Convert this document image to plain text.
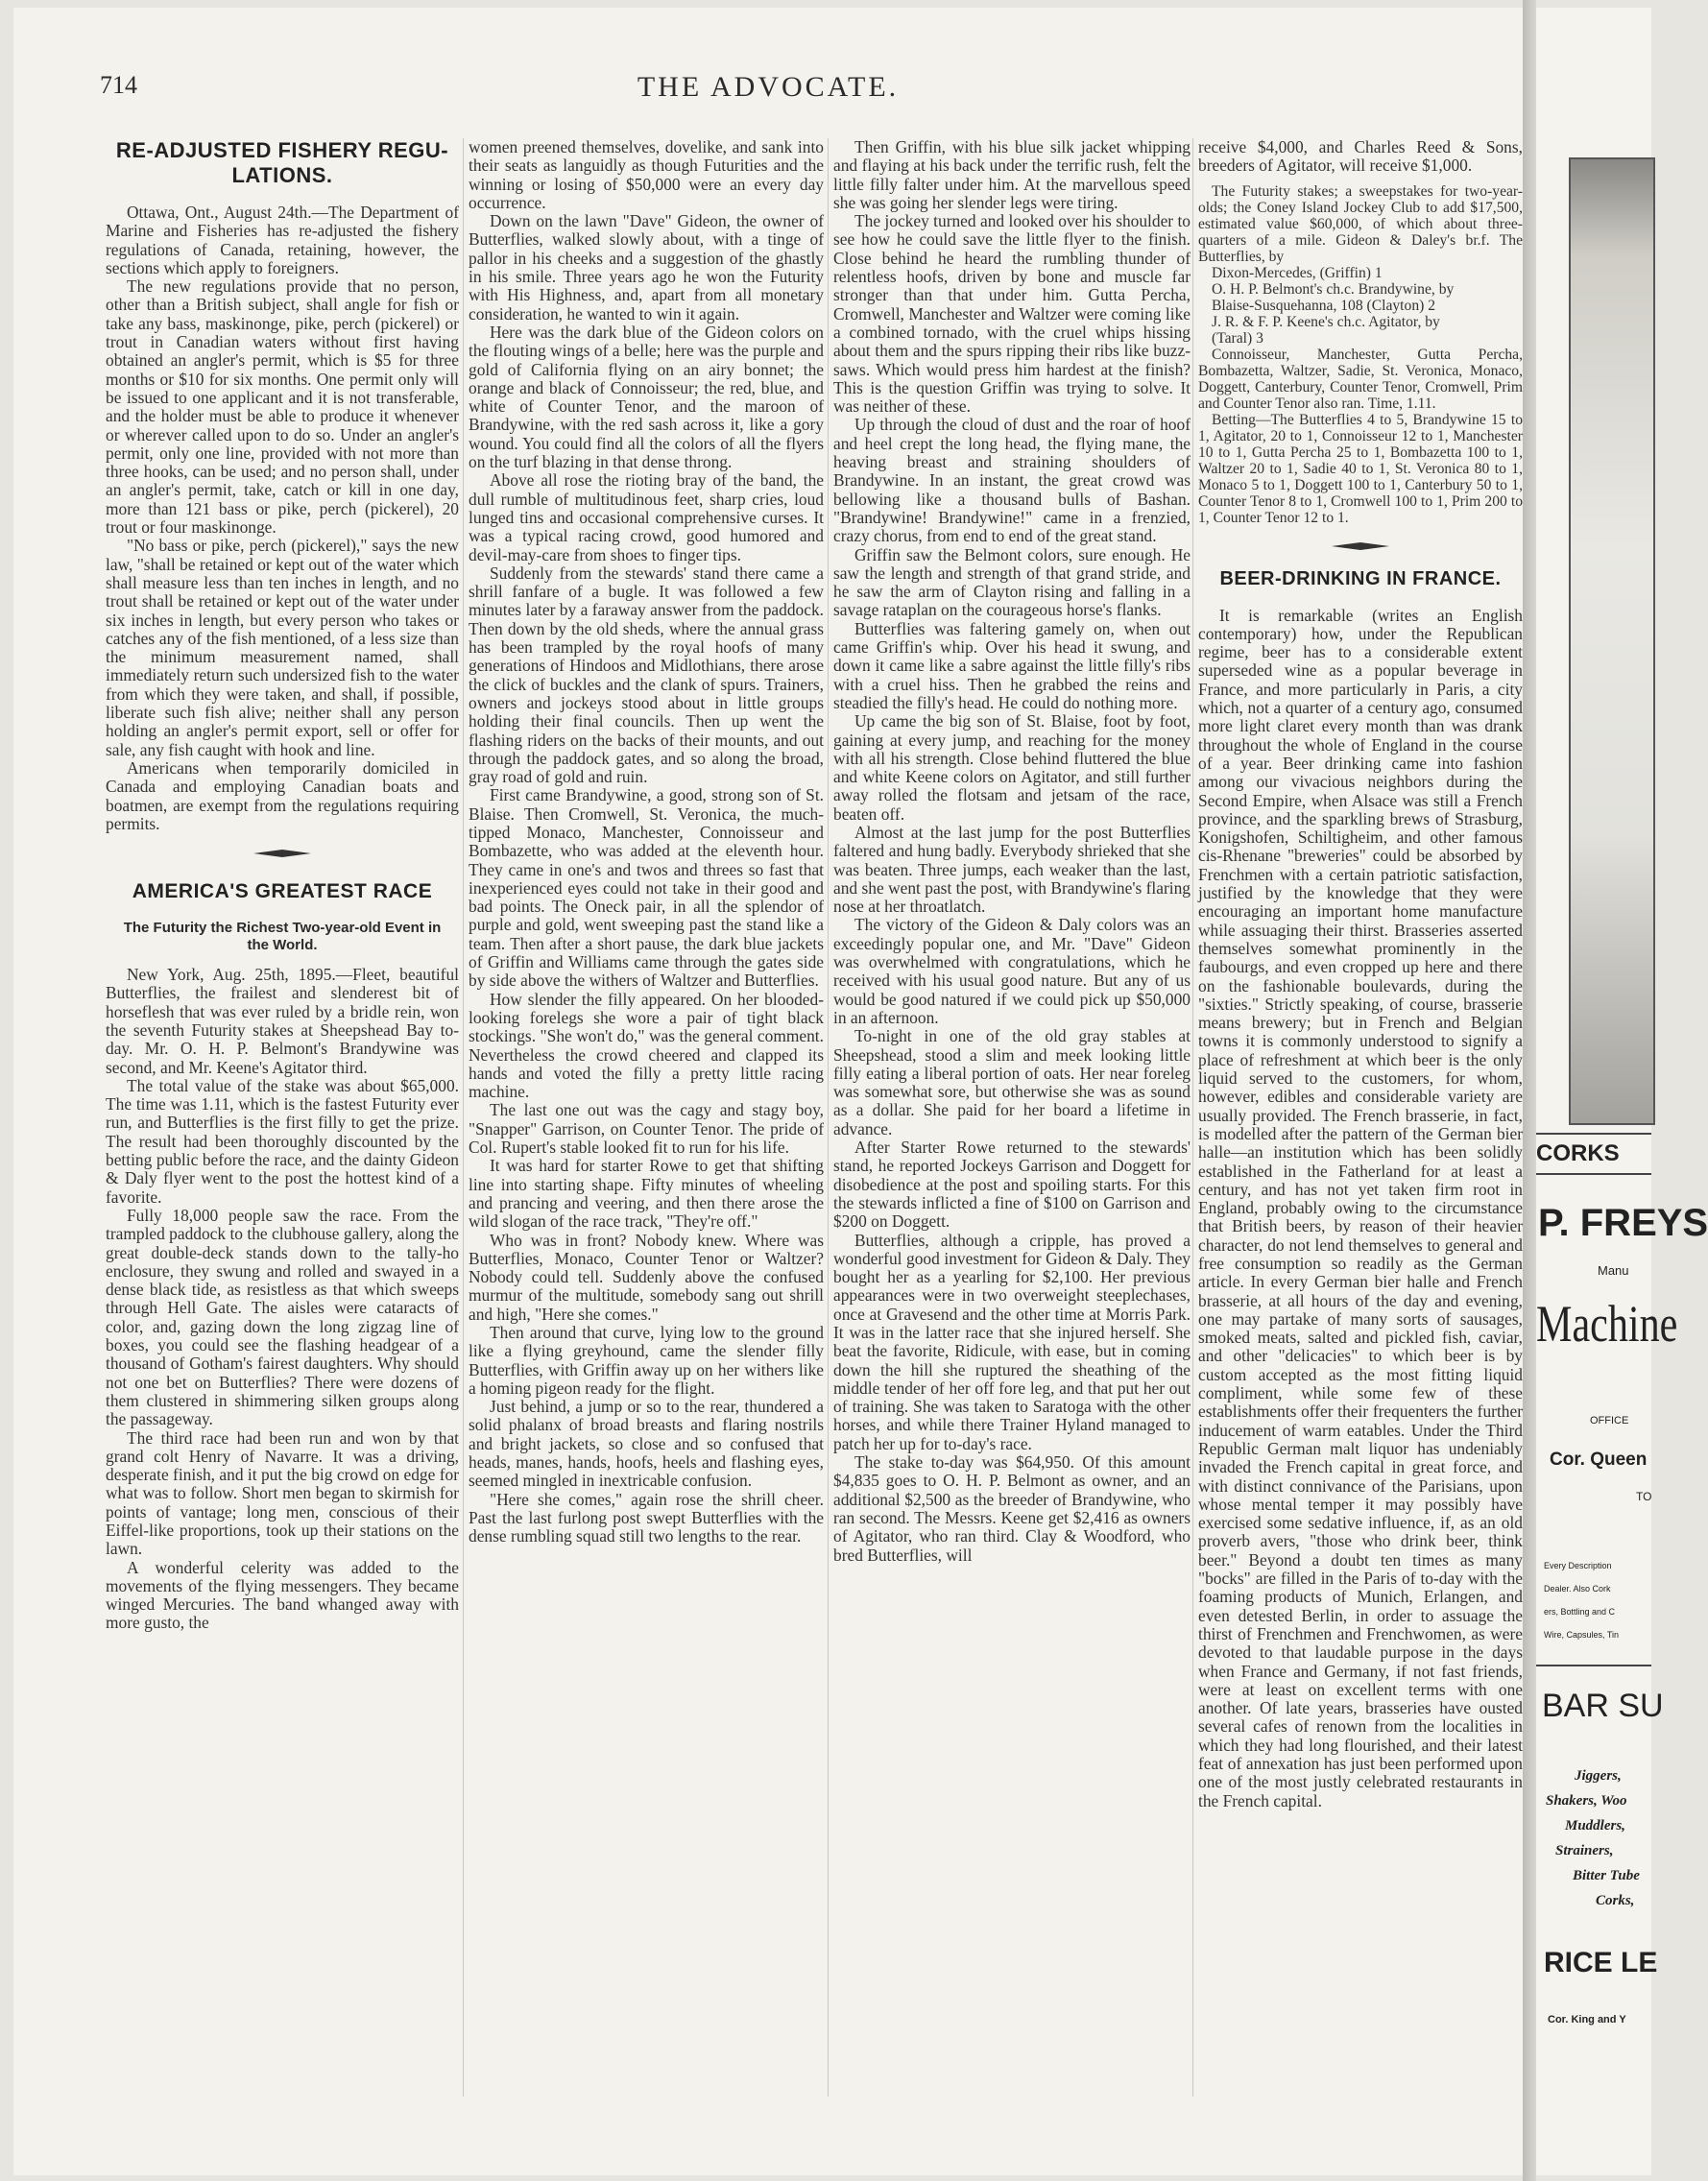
714	THE ADVOCATE.
RE-ADJUSTED FISHERY REGU-LATIONS.

Ottawa, Ont., August 24th.—The Department of Marine and Fisheries has re-adjusted the fishery regulations of Canada, retaining, however, the sections which apply to foreigners.

The new regulations provide that no person, other than a British subject, shall angle for fish or take any bass, maskinonge, pike, perch (pickerel) or trout in Canadian waters without first having obtained an angler's permit, which is $5 for three months or $10 for six months. One permit only will be issued to one applicant and it is not transferable, and the holder must be able to produce it whenever or wherever called upon to do so. Under an angler's permit, only one line, provided with not more than three hooks, can be used; and no person shall, under an angler's permit, take, catch or kill in one day, more than 121 bass or pike, perch (pickerel), 20 trout or four maskinonge.

"No bass or pike, perch (pickerel)," says the new law, "shall be retained or kept out of the water which shall measure less than ten inches in length, and no trout shall be retained or kept out of the water under six inches in length, but every person who takes or catches any of the fish mentioned, of a less size than the minimum measurement named, shall immediately return such undersized fish to the water from which they were taken, and shall, if possible, liberate such fish alive; neither shall any person holding an angler's permit export, sell or offer for sale, any fish caught with hook and line.

Americans when temporarily domiciled in Canada and employing Canadian boats and boatmen, are exempt from the regulations requiring permits.

AMERICA'S GREATEST RACE
The Futurity the Richest Two-year-old Event in the World.

New York, Aug. 25th, 1895.—Fleet, beautiful Butterflies, the frailest and slenderest bit of horseflesh that was ever ruled by a bridle rein, won the seventh Futurity stakes at Sheepshead Bay to-day. Mr. O. H. P. Belmont's Brandywine was second, and Mr. Keene's Agitator third.

The total value of the stake was about $65,000. The time was 1.11, which is the fastest Futurity ever run, and Butterflies is the first filly to get the prize. The result had been thoroughly discounted by the betting public before the race, and the dainty Gideon & Daly flyer went to the post the hottest kind of a favorite.

Fully 18,000 people saw the race. From the trampled paddock to the clubhouse gallery, along the great double-deck stands down to the tally-ho enclosure, they swung and rolled and swayed in a dense black tide, as resistless as that which sweeps through Hell Gate. The aisles were cataracts of color, and, gazing down the long zigzag line of boxes, you could see the flashing headgear of a thousand of Gotham's fairest daughters. Why should not one bet on Butterflies? There were dozens of them clustered in shimmering silken groups along the passageway.

The third race had been run and won by that grand colt Henry of Navarre. It was a driving, desperate finish, and it put the big crowd on edge for what was to follow. Short men began to skirmish for points of vantage; long men, conscious of their Eiffel-like proportions, took up their stations on the lawn.

A wonderful celerity was added to the movements of the flying messengers. They became winged Mercuries. The band whanged away with more gusto, the

women preened themselves, dovelike, and sank into their seats as languidly as though Futurities and the winning or losing of $50,000 were an every day occurrence.

Down on the lawn "Dave" Gideon, the owner of Butterflies, walked slowly about, with a tinge of pallor in his cheeks and a suggestion of the ghastly in his smile. Three years ago he won the Futurity with His Highness, and, apart from all monetary consideration, he wanted to win it again.

Here was the dark blue of the Gideon colors on the flouting wings of a belle; here was the purple and gold of California flying on an airy bonnet; the orange and black of Connoisseur; the red, blue, and white of Counter Tenor, and the maroon of Brandywine, with the red sash across it, like a gory wound. You could find all the colors of all the flyers on the turf blazing in that dense throng.

Above all rose the rioting bray of the band, the dull rumble of multitudinous feet, sharp cries, loud lunged tins and occasional comprehensive curses. It was a typical racing crowd, good humored and devil-may-care from shoes to finger tips.

Suddenly from the stewards' stand there came a shrill fanfare of a bugle. It was followed a few minutes later by a faraway answer from the paddock. Then down by the old sheds, where the annual grass has been trampled by the royal hoofs of many generations of Hindoos and Midlothians, there arose the click of buckles and the clank of spurs. Trainers, owners and jockeys stood about in little groups holding their final councils. Then up went the flashing riders on the backs of their mounts, and out through the paddock gates, and so along the broad, gray road of gold and ruin.

First came Brandywine, a good, strong son of St. Blaise. Then Cromwell, St. Veronica, the much-tipped Monaco, Manchester, Connoisseur and Bombazette, who was added at the eleventh hour. They came in one's and twos and threes so fast that inexperienced eyes could not take in their good and bad points. The Oneck pair, in all the splendor of purple and gold, went sweeping past the stand like a team. Then after a short pause, the dark blue jackets of Griffin and Williams came through the gates side by side above the withers of Waltzer and Butterflies.

How slender the filly appeared. On her blooded-looking forelegs she wore a pair of tight black stockings. "She won't do," was the general comment. Nevertheless the crowd cheered and clapped its hands and voted the filly a pretty little racing machine.

The last one out was the cagy and stagy boy, "Snapper" Garrison, on Counter Tenor. The pride of Col. Rupert's stable looked fit to run for his life.

It was hard for starter Rowe to get that shifting line into starting shape. Fifty minutes of wheeling and prancing and veering, and then there arose the wild slogan of the race track, "They're off."

Who was in front? Nobody knew. Where was Butterflies, Monaco, Counter Tenor or Waltzer? Nobody could tell. Suddenly above the confused murmur of the multitude, somebody sang out shrill and high, "Here she comes."

Then around that curve, lying low to the ground like a flying greyhound, came the slender filly Butterflies, with Griffin away up on her withers like a homing pigeon ready for the flight.

Just behind, a jump or so to the rear, thundered a solid phalanx of broad breasts and flaring nostrils and bright jackets, so close and so confused that heads, manes, hands, hoofs, heels and flashing eyes, seemed mingled in inextricable confusion.

"Here she comes," again rose the shrill cheer. Past the last furlong post swept Butterflies with the dense rumbling squad still two lengths to the rear.

Then Griffin, with his blue silk jacket whipping and flaying at his back under the terrific rush, felt the little filly falter under him. At the marvellous speed she was going her slender legs were tiring.

The jockey turned and looked over his shoulder to see how he could save the little flyer to the finish. Close behind he heard the rumbling thunder of relentless hoofs, driven by bone and muscle far stronger than that under him. Gutta Percha, Cromwell, Manchester and Waltzer were coming like a combined tornado, with the cruel whips hissing about them and the spurs ripping their ribs like buzz-saws. Which would press him hardest at the finish? This is the question Griffin was trying to solve. It was neither of these.

Up through the cloud of dust and the roar of hoof and heel crept the long head, the flying mane, the heaving breast and straining shoulders of Brandywine. In an instant, the great crowd was bellowing like a thousand bulls of Bashan. "Brandywine! Brandywine!" came in a frenzied, crazy chorus, from end to end of the great stand.

Griffin saw the Belmont colors, sure enough. He saw the length and strength of that grand stride, and he saw the arm of Clayton rising and falling in a savage rataplan on the courageous horse's flanks.

Butterflies was faltering gamely on, when out came Griffin's whip. Over his head it swung, and down it came like a sabre against the little filly's ribs with a cruel hiss. Then he grabbed the reins and steadied the filly's head. He could do nothing more.

Up came the big son of St. Blaise, foot by foot, gaining at every jump, and reaching for the money with all his strength. Close behind fluttered the blue and white Keene colors on Agitator, and still further away rolled the flotsam and jetsam of the race, beaten off.

Almost at the last jump for the post Butterflies faltered and hung badly. Everybody shrieked that she was beaten. Three jumps, each weaker than the last, and she went past the post, with Brandywine's flaring nose at her throatlatch.

The victory of the Gideon & Daly colors was an exceedingly popular one, and Mr. "Dave" Gideon was overwhelmed with congratulations, which he received with his usual good nature. But any of us would be good natured if we could pick up $50,000 in an afternoon.

To-night in one of the old gray stables at Sheepshead, stood a slim and meek looking little filly eating a liberal portion of oats. Her near foreleg was somewhat sore, but otherwise she was as sound as a dollar. She paid for her board a lifetime in advance.

After Starter Rowe returned to the stewards' stand, he reported Jockeys Garrison and Doggett for disobedience at the post and spoiling starts. For this the stewards inflicted a fine of $100 on Garrison and $200 on Doggett.

Butterflies, although a cripple, has proved a wonderful good investment for Gideon & Daly. They bought her as a yearling for $2,100. Her previous appearances were in two overweight steeplechases, once at Gravesend and the other time at Morris Park. It was in the latter race that she injured herself. She beat the favorite, Ridicule, with ease, but in coming down the hill she ruptured the sheathing of the middle tender of her off fore leg, and that put her out of training. She was taken to Saratoga with the other horses, and while there Trainer Hyland managed to patch her up for to-day's race.

The stake to-day was $64,950. Of this amount $4,835 goes to O. H. P. Belmont as owner, and an additional $2,500 as the breeder of Brandywine, who ran second. The Messrs. Keene get $2,416 as owners of Agitator, who ran third. Clay & Woodford, who bred Butterflies, will

receive $4,000, and Charles Reed & Sons, breeders of Agitator, will receive $1,000.

The Futurity stakes; a sweepstakes for two-year-olds; the Coney Island Jockey Club to add $17,500, estimated value $60,000, of which about three-quarters of a mile. Gideon & Daley's br.f. The Butterflies, by

Dixon-Mercedes, (Griffin) 1

O. H. P. Belmont's ch.c. Brandywine, by

Blaise-Susquehanna, 108 (Clayton) 2

J. R. & F. P. Keene's ch.c. Agitator, by

(Taral) 3

Connoisseur, Manchester, Gutta Percha, Bombazetta, Waltzer, Sadie, St. Veronica, Monaco, Doggett, Canterbury, Counter Tenor, Cromwell, Prim and Counter Tenor also ran. Time, 1.11.

Betting—The Butterflies 4 to 5, Brandywine 15 to 1, Agitator, 20 to 1, Connoisseur 12 to 1, Manchester 10 to 1, Gutta Percha 25 to 1, Bombazetta 100 to 1, Waltzer 20 to 1, Sadie 40 to 1, St. Veronica 80 to 1, Monaco 5 to 1, Doggett 100 to 1, Canterbury 50 to 1, Counter Tenor 8 to 1, Cromwell 100 to 1, Prim 200 to 1, Counter Tenor 12 to 1.

BEER-DRINKING IN FRANCE.

It is remarkable (writes an English contemporary) how, under the Republican regime, beer has to a considerable extent superseded wine as a popular beverage in France, and more particularly in Paris, a city which, not a quarter of a century ago, consumed more light claret every month than was drank throughout the whole of England in the course of a year. Beer drinking came into fashion among our vivacious neighbors during the Second Empire, when Alsace was still a French province, and the sparkling brews of Strasburg, Konigshofen, Schiltigheim, and other famous cis-Rhenane "breweries" could be absorbed by Frenchmen with a certain patriotic satisfaction, justified by the knowledge that they were encouraging an important home manufacture while assuaging their thirst. Brasseries asserted themselves somewhat prominently in the faubourgs, and even cropped up here and there on the fashionable boulevards, during the "sixties." Strictly speaking, of course, brasserie means brewery; but in French and Belgian towns it is commonly understood to signify a place of refreshment at which beer is the only liquid served to the customers, for whom, however, edibles and considerable variety are usually provided. The French brasserie, in fact, is modelled after the pattern of the German bier halle—an institution which has been solidly established in the Fatherland for at least a century, and has not yet taken firm root in England, probably owing to the circumstance that British beers, by reason of their heavier character, do not lend themselves to general and free consumption so readily as the German article. In every German bier halle and French brasserie, at all hours of the day and evening, one may partake of many sorts of sausages, smoked meats, salted and pickled fish, caviar, and other "delicacies" to which beer is by custom accepted as the most fitting liquid compliment, while some few of these establishments offer their frequenters the further inducement of warm eatables. Under the Third Republic German malt liquor has undeniably invaded the French capital in great force, and with distinct connivance of the Parisians, upon whose mental temper it may possibly have exercised some sedative influence, if, as an old proverb avers, "those who drink beer, think beer." Beyond a doubt ten times as many "bocks" are filled in the Paris of to-day with the foaming products of Munich, Erlangen, and even detested Berlin, in order to assuage the thirst of Frenchmen and Frenchwomen, as were devoted to that laudable purpose in the days when France and Germany, if not fast friends, were at least on excellent terms with one another. Of late years, brasseries have ousted several cafes of renown from the localities in which they had long flourished, and their latest feat of annexation has just been performed upon one of the most justly celebrated restaurants in the French capital.

CORKS
P. FREYS
Manu
Machine
OFFICE
Cor. Queen
TO
Every Description
Dealer. Also Cork
ers, Bottling and C
Wire, Capsules, Tin
BAR SU
Jiggers,
Shakers, Woo
Muddlers,
Strainers,
Bitter Tube
Corks,
RICE LE
Cor. King and Y
